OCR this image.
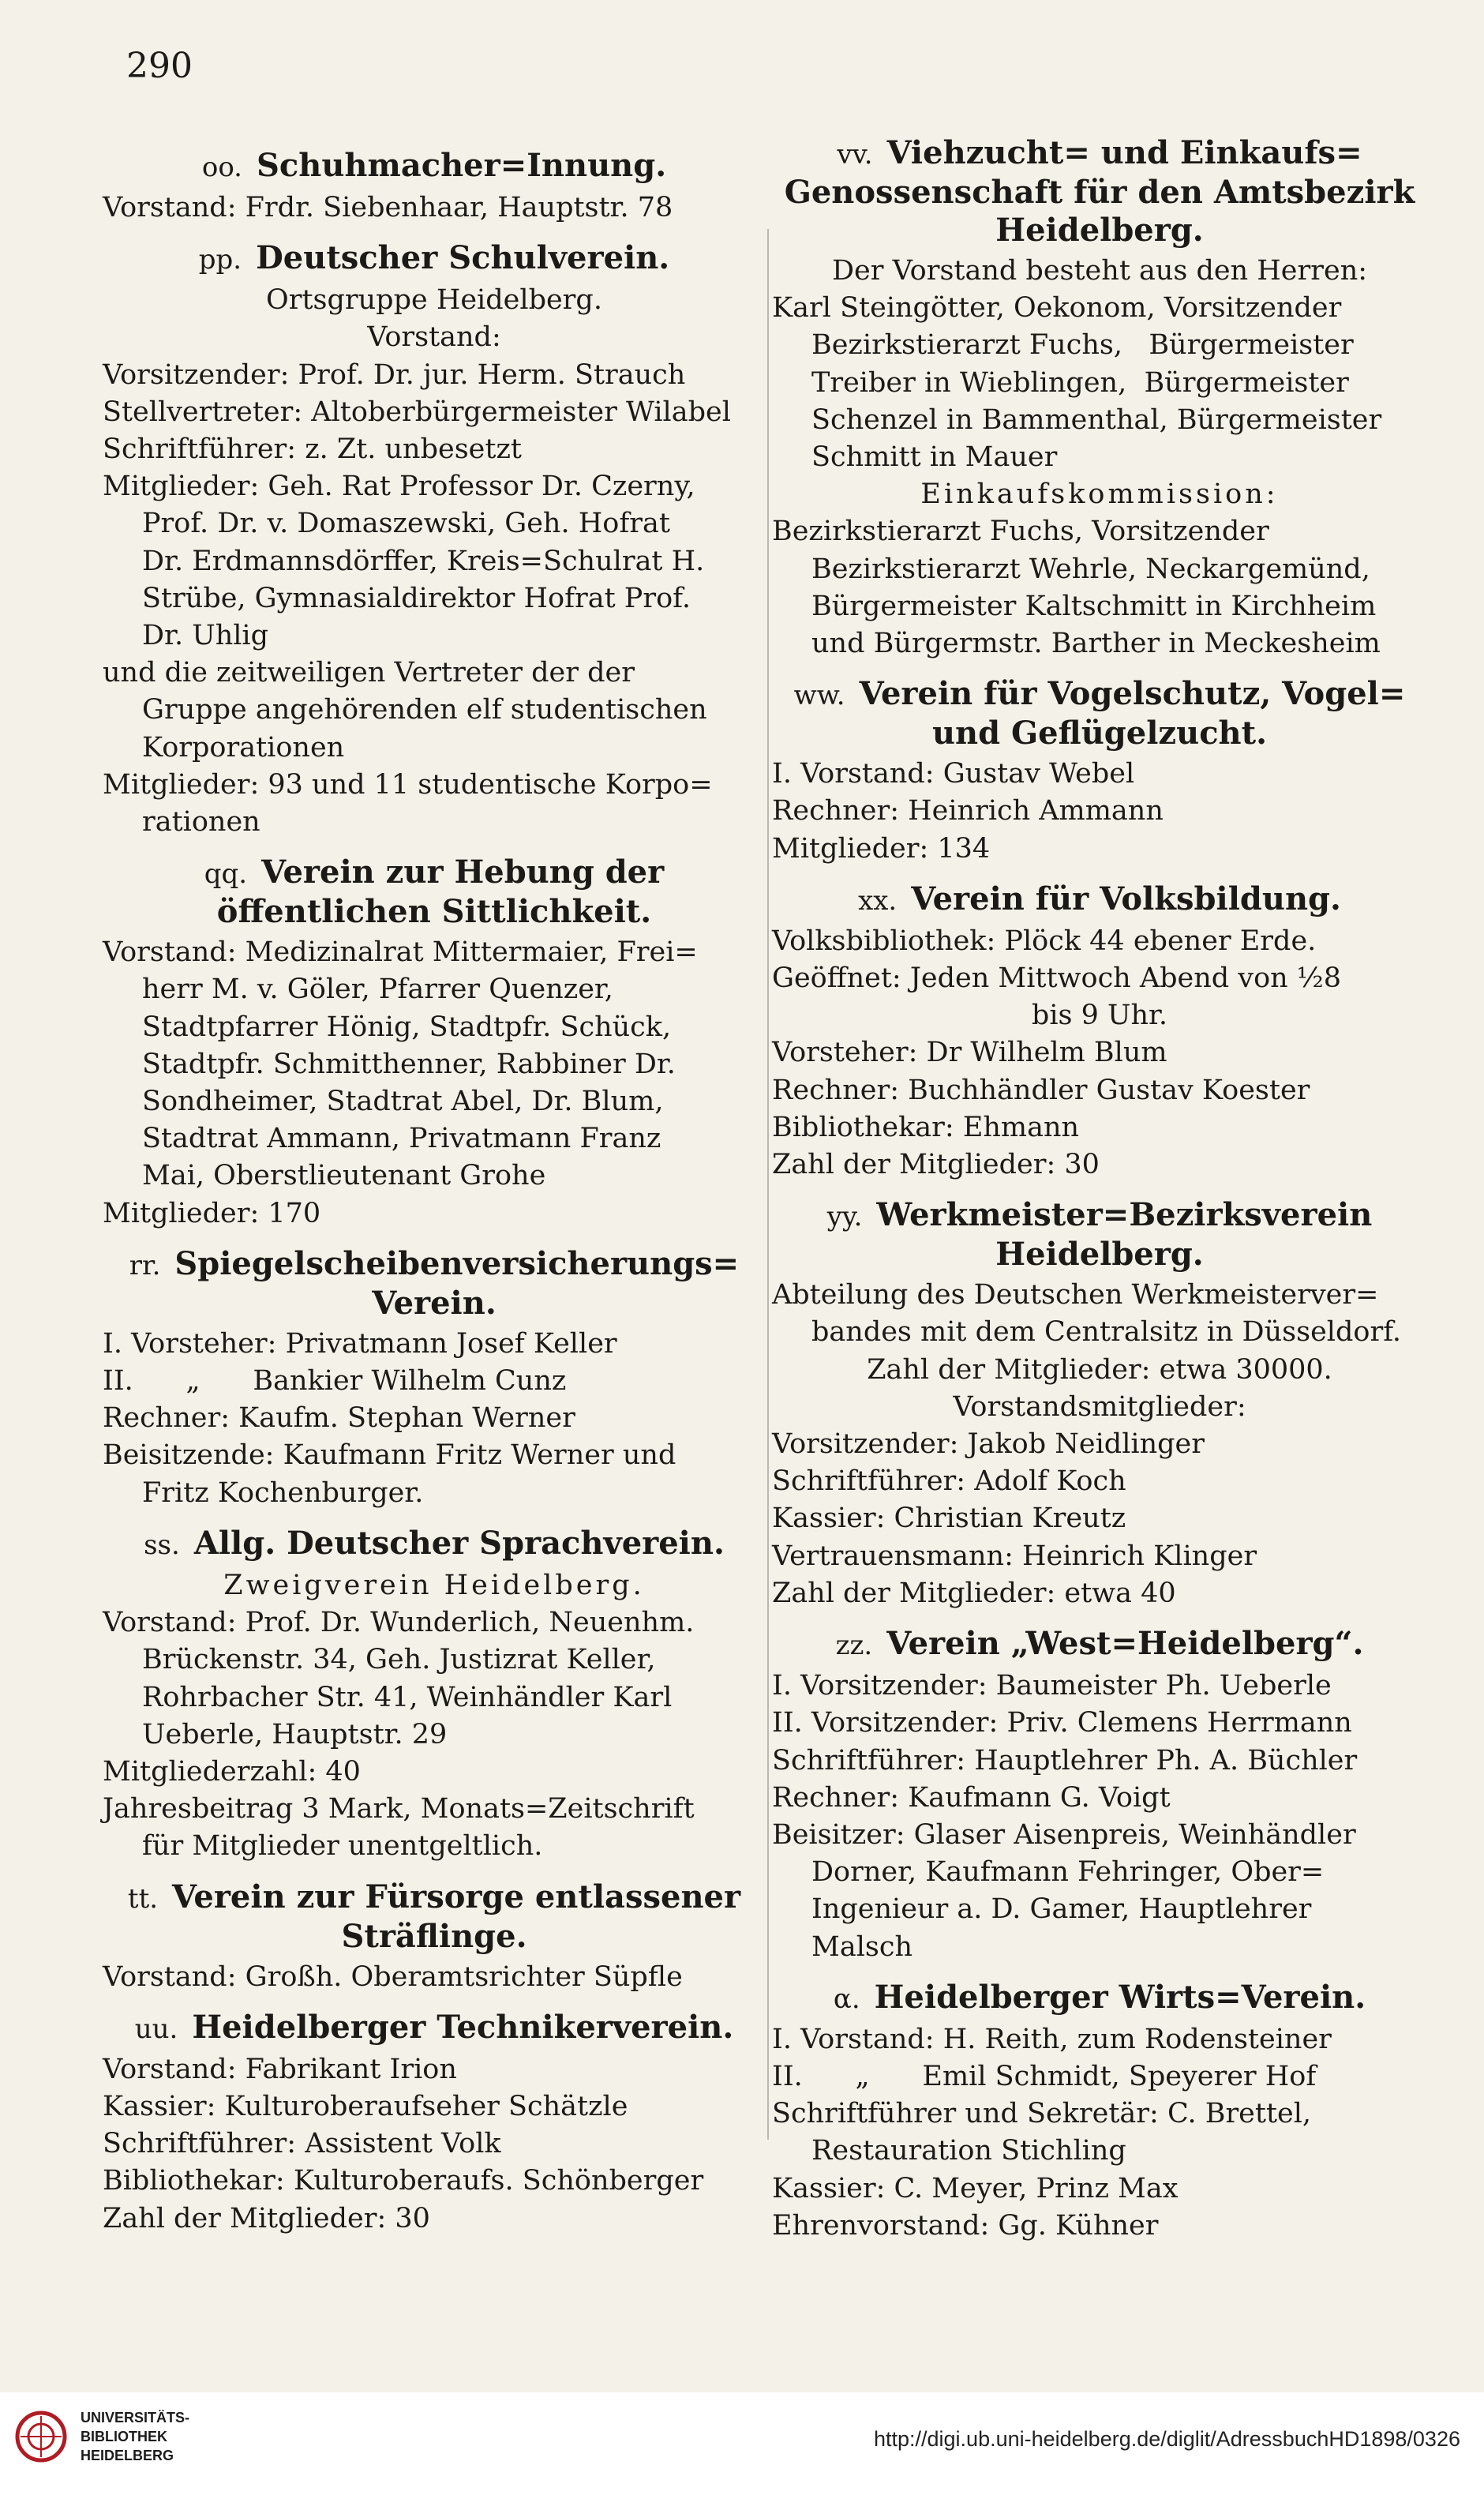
290
oo. Schuhmacher=Innung.
Vorstand: Frdr. Siebenhaar, Hauptstr. 78
pp. Deutscher Schulverein.
Ortsgruppe Heidelberg.
Vorstand:
Vorsitzender: Prof. Dr. jur. Herm. Strauch
Stellvertreter: Altoberbürgermeister Wilabel
Schriftführer: z. Zt. unbesetzt
Mitglieder: Geh. Rat Professor Dr. Czerny,
Prof. Dr. v. Domaszewski, Geh. Hofrat
Dr. Erdmannsdörffer, Kreis=Schulrat H.
Strübe, Gymnasialdirektor Hofrat Prof.
Dr. Uhlig
und die zeitweiligen Vertreter der der
Gruppe angehörenden elf studentischen
Korporationen
Mitglieder: 93 und 11 studentische Korpo=
rationen
qq. Verein zur Hebung der öffentlichen Sittlichkeit.
Vorstand: Medizinalrat Mittermaier, Frei=
herr M. v. Göler, Pfarrer Quenzer,
Stadtpfarrer Hönig, Stadtpfr. Schück,
Stadtpfr. Schmitthenner, Rabbiner Dr.
Sondheimer, Stadtrat Abel, Dr. Blum,
Stadtrat Ammann, Privatmann Franz
Mai, Oberstlieutenant Grohe
Mitglieder: 170
rr. Spiegelscheibenversicherungs= Verein.
I. Vorsteher: Privatmann Josef Keller
II.      „      Bankier Wilhelm Cunz
Rechner: Kaufm. Stephan Werner
Beisitzende: Kaufmann Fritz Werner und
Fritz Kochenburger.
ss. Allg. Deutscher Sprachverein.
Zweigverein Heidelberg.
Vorstand: Prof. Dr. Wunderlich, Neuenhm.
Brückenstr. 34, Geh. Justizrat Keller,
Rohrbacher Str. 41, Weinhändler Karl
Ueberle, Hauptstr. 29
Mitgliederzahl: 40
Jahresbeitrag 3 Mark, Monats=Zeitschrift
für Mitglieder unentgeltlich.
tt. Verein zur Fürsorge entlassener Sträflinge.
Vorstand: Großh. Oberamtsrichter Süpfle
uu. Heidelberger Technikerverein.
Vorstand: Fabrikant Irion
Kassier: Kulturoberaufseher Schätzle
Schriftführer: Assistent Volk
Bibliothekar: Kulturoberaufs. Schönberger
Zahl der Mitglieder: 30
vv. Viehzucht= und Einkaufs= Genossenschaft für den Amtsbezirk Heidelberg.
Der Vorstand besteht aus den Herren:
Karl Steingötter, Oekonom, Vorsitzender
Bezirkstierarzt Fuchs,   Bürgermeister
Treiber in Wieblingen,  Bürgermeister
Schenzel in Bammenthal, Bürgermeister
Schmitt in Mauer
Einkaufskommission:
Bezirkstierarzt Fuchs, Vorsitzender
Bezirkstierarzt Wehrle, Neckargemünd,
Bürgermeister Kaltschmitt in Kirchheim
und Bürgermstr. Barther in Meckesheim
ww. Verein für Vogelschutz, Vogel= und Geflügelzucht.
I. Vorstand: Gustav Webel
Rechner: Heinrich Ammann
Mitglieder: 134
xx. Verein für Volksbildung.
Volksbibliothek: Plöck 44 ebener Erde.
Geöffnet: Jeden Mittwoch Abend von ½8
bis 9 Uhr.
Vorsteher: Dr Wilhelm Blum
Rechner: Buchhändler Gustav Koester
Bibliothekar: Ehmann
Zahl der Mitglieder: 30
yy. Werkmeister=Bezirksverein Heidelberg.
Abteilung des Deutschen Werkmeisterver=
bandes mit dem Centralsitz in Düsseldorf.
Zahl der Mitglieder: etwa 30000.
Vorstandsmitglieder:
Vorsitzender: Jakob Neidlinger
Schriftführer: Adolf Koch
Kassier: Christian Kreutz
Vertrauensmann: Heinrich Klinger
Zahl der Mitglieder: etwa 40
zz. Verein „West=Heidelberg“.
I. Vorsitzender: Baumeister Ph. Ueberle
II. Vorsitzender: Priv. Clemens Herrmann
Schriftführer: Hauptlehrer Ph. A. Büchler
Rechner: Kaufmann G. Voigt
Beisitzer: Glaser Aisenpreis, Weinhändler
Dorner, Kaufmann Fehringer, Ober=
Ingenieur a. D. Gamer, Hauptlehrer
Malsch
α. Heidelberger Wirts=Verein.
I. Vorstand: H. Reith, zum Rodensteiner
II.      „      Emil Schmidt, Speyerer Hof
Schriftführer und Sekretär: C. Brettel,
Restauration Stichling
Kassier: C. Meyer, Prinz Max
Ehrenvorstand: Gg. Kühner
UNIVERSITÄTS-
BIBLIOTHEK
HEIDELBERG
http://digi.ub.uni-heidelberg.de/diglit/AdressbuchHD1898/0326
